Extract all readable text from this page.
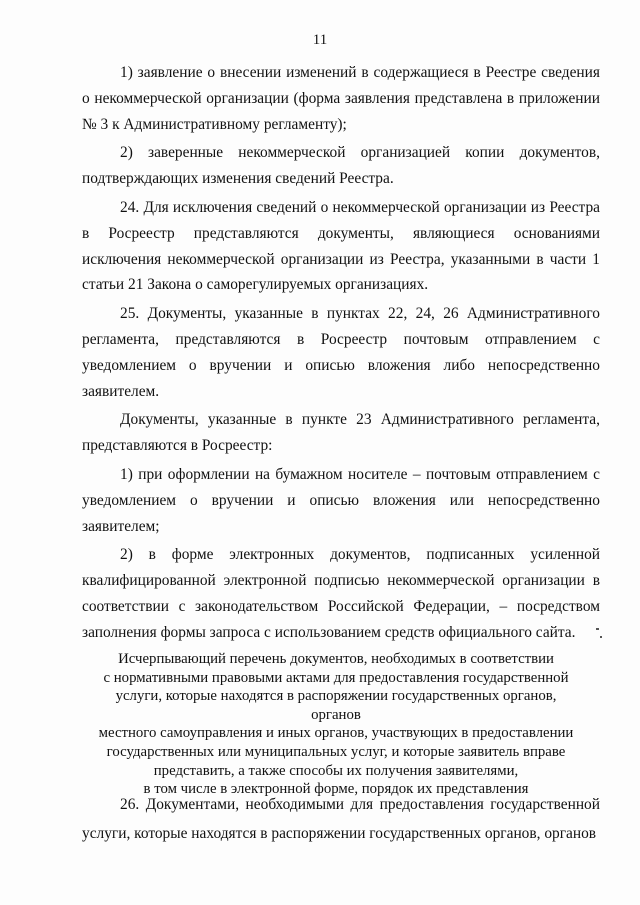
11

1) заявление о внесении изменений в содержащиеся в Реестре сведения о некоммерческой организации (форма заявления представлена в приложении № 3 к Административному регламенту);

2) заверенные некоммерческой организацией копии документов, подтверждающих изменения сведений Реестра.

24. Для исключения сведений о некоммерческой организации из Реестра в Росреестр представляются документы, являющиеся основаниями исключения некоммерческой организации из Реестра, указанными в части 1 статьи 21 Закона о саморегулируемых организациях.

25. Документы, указанные в пунктах 22, 24, 26 Административного регламента, представляются в Росреестр почтовым отправлением с уведомлением о вручении и описью вложения либо непосредственно заявителем.

Документы, указанные в пункте 23 Административного регламента, представляются в Росреестр:

1) при оформлении на бумажном носителе – почтовым отправлением с уведомлением о вручении и описью вложения или непосредственно заявителем;

2) в форме электронных документов, подписанных усиленной квалифицированной электронной подписью некоммерческой организации в соответствии с законодательством Российской Федерации, – посредством заполнения формы запроса с использованием средств официального сайта.

Исчерпывающий перечень документов, необходимых в соответствии
с нормативными правовыми актами для предоставления государственной
услуги, которые находятся в распоряжении государственных органов, органов
местного самоуправления и иных органов, участвующих в предоставлении
государственных или муниципальных услуг, и которые заявитель вправе
представить, а также способы их получения заявителями,
в том числе в электронной форме, порядок их представления

26. Документами, необходимыми для предоставления государственной услуги, которые находятся в распоряжении государственных органов, органов
